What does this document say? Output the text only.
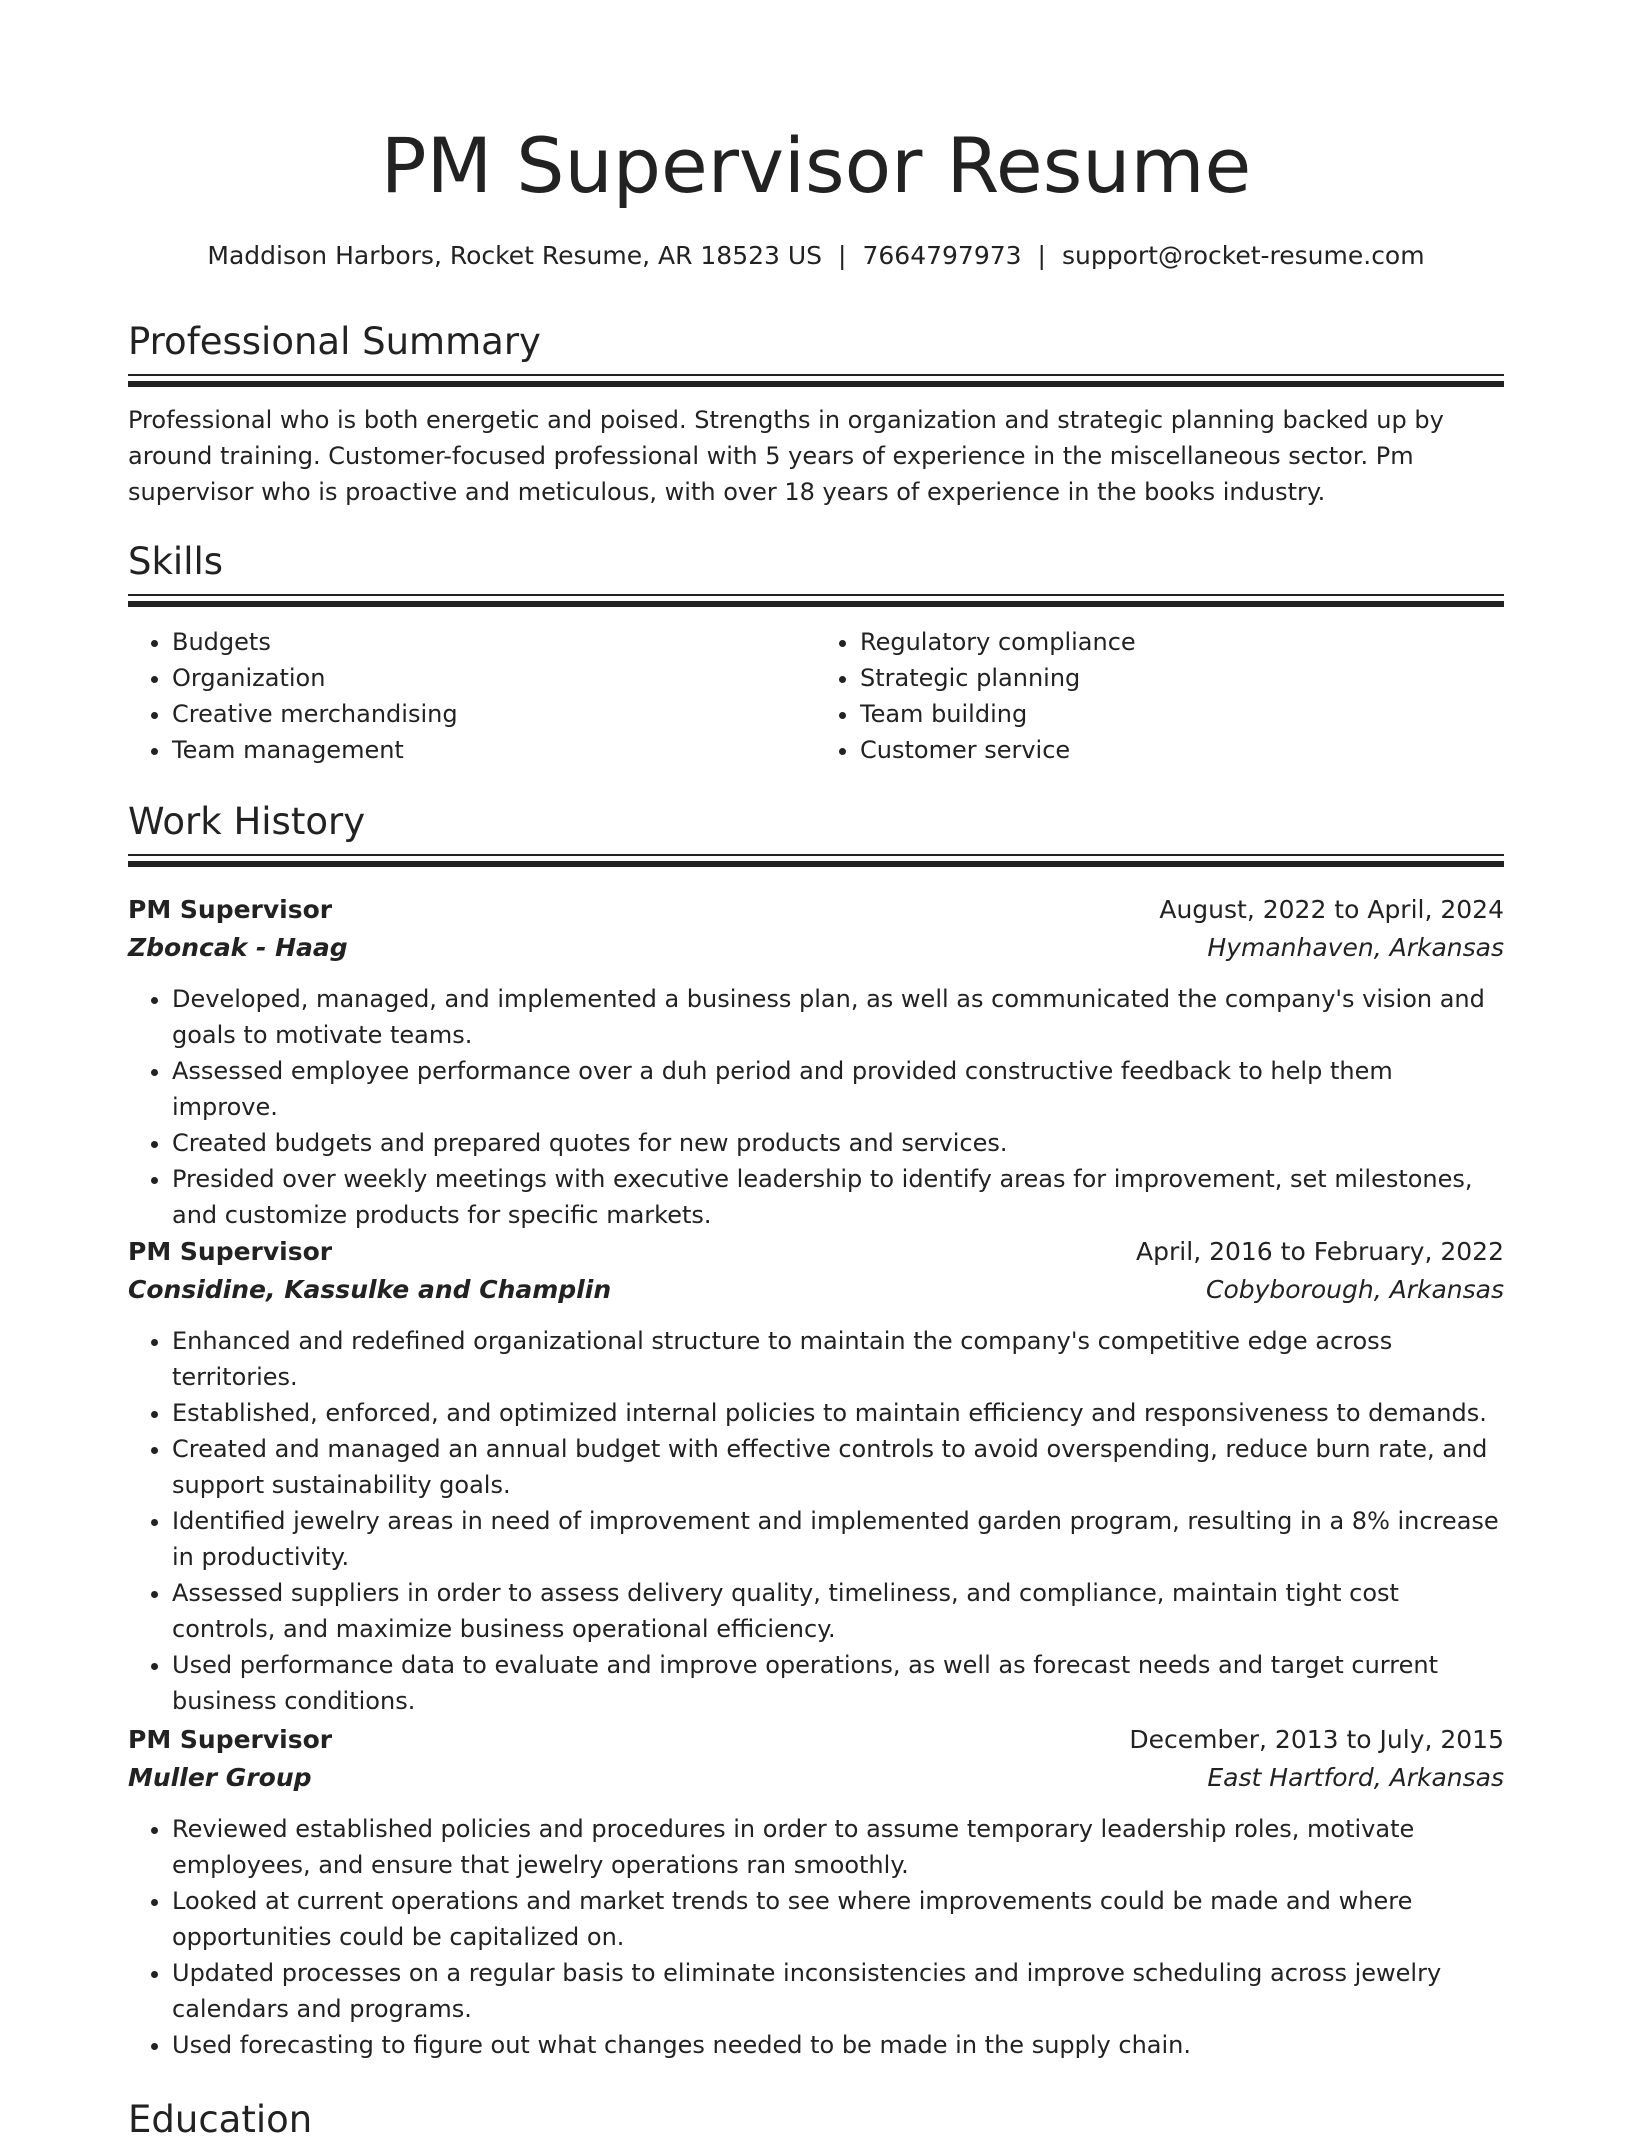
PM Supervisor Resume
Maddison Harbors, Rocket Resume, AR 18523 US | 7664797973 | support@rocket-resume.com
Professional Summary

Professional who is both energetic and poised. Strengths in organization and strategic planning backed up by around training. Customer-focused professional with 5 years of experience in the miscellaneous sector. Pm supervisor who is proactive and meticulous, with over 18 years of experience in the books industry.

Skills
• Budgets
• Organization
• Creative merchandising
• Team management
• Regulatory compliance
• Strategic planning
• Team building
• Customer service
Work History
PM Supervisor	August, 2022 to April, 2024
Zboncak - Haag	Hymanhaven, Arkansas
• Developed, managed, and implemented a business plan, as well as communicated the company's vision and goals to motivate teams.
• Assessed employee performance over a duh period and provided constructive feedback to help them improve.
• Created budgets and prepared quotes for new products and services.
• Presided over weekly meetings with executive leadership to identify areas for improvement, set milestones, and customize products for specific markets.
PM Supervisor	April, 2016 to February, 2022
Considine, Kassulke and Champlin	Cobyborough, Arkansas
• Enhanced and redefined organizational structure to maintain the company's competitive edge across territories.
• Established, enforced, and optimized internal policies to maintain efficiency and responsiveness to demands.
• Created and managed an annual budget with effective controls to avoid overspending, reduce burn rate, and support sustainability goals.
• Identified jewelry areas in need of improvement and implemented garden program, resulting in a 8% increase in productivity.
• Assessed suppliers in order to assess delivery quality, timeliness, and compliance, maintain tight cost controls, and maximize business operational efficiency.
• Used performance data to evaluate and improve operations, as well as forecast needs and target current business conditions.
PM Supervisor	December, 2013 to July, 2015
Muller Group	East Hartford, Arkansas
• Reviewed established policies and procedures in order to assume temporary leadership roles, motivate employees, and ensure that jewelry operations ran smoothly.
• Looked at current operations and market trends to see where improvements could be made and where opportunities could be capitalized on.
• Updated processes on a regular basis to eliminate inconsistencies and improve scheduling across jewelry calendars and programs.
• Used forecasting to figure out what changes needed to be made in the supply chain.
Education
